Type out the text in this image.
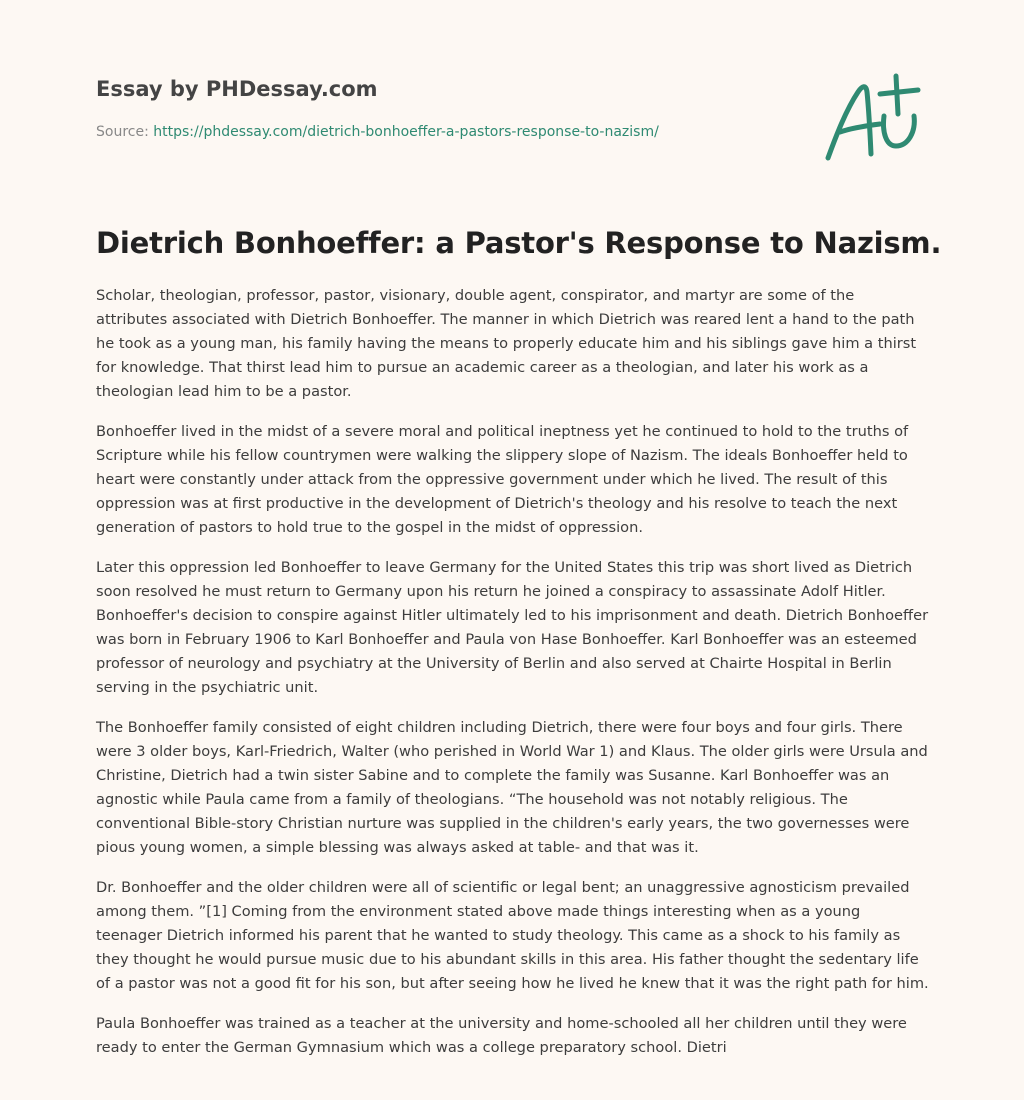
Essay by PHDessay.com
Source: https://phdessay.com/dietrich-bonhoeffer-a-pastors-response-to-nazism/
Dietrich Bonhoeffer: a Pastor's Response to Nazism.

Scholar, theologian, professor, pastor, visionary, double agent, conspirator, and martyr are some of the attributes associated with Dietrich Bonhoeffer. The manner in which Dietrich was reared lent a hand to the path he took as a young man, his family having the means to properly educate him and his siblings gave him a thirst for knowledge. That thirst lead him to pursue an academic career as a theologian, and later his work as a theologian lead him to be a pastor.

Bonhoeffer lived in the midst of a severe moral and political ineptness yet he continued to hold to the truths of Scripture while his fellow countrymen were walking the slippery slope of Nazism. The ideals Bonhoeffer held to heart were constantly under attack from the oppressive government under which he lived. The result of this oppression was at first productive in the development of Dietrich's theology and his resolve to teach the next generation of pastors to hold true to the gospel in the midst of oppression.

Later this oppression led Bonhoeffer to leave Germany for the United States this trip was short lived as Dietrich soon resolved he must return to Germany upon his return he joined a conspiracy to assassinate Adolf Hitler. Bonhoeffer's decision to conspire against Hitler ultimately led to his imprisonment and death. Dietrich Bonhoeffer was born in February 1906 to Karl Bonhoeffer and Paula von Hase Bonhoeffer. Karl Bonhoeffer was an esteemed professor of neurology and psychiatry at the University of Berlin and also served at Chairte Hospital in Berlin serving in the psychiatric unit.

The Bonhoeffer family consisted of eight children including Dietrich, there were four boys and four girls. There were 3 older boys, Karl-Friedrich, Walter (who perished in World War 1) and Klaus. The older girls were Ursula and Christine, Dietrich had a twin sister Sabine and to complete the family was Susanne. Karl Bonhoeffer was an agnostic while Paula came from a family of theologians. “The household was not notably religious. The conventional Bible-story Christian nurture was supplied in the children's early years, the two governesses were pious young women, a simple blessing was always asked at table- and that was it.

Dr. Bonhoeffer and the older children were all of scientific or legal bent; an unaggressive agnosticism prevailed among them. ”[1] Coming from the environment stated above made things interesting when as a young teenager Dietrich informed his parent that he wanted to study theology. This came as a shock to his family as they thought he would pursue music due to his abundant skills in this area. His father thought the sedentary life of a pastor was not a good fit for his son, but after seeing how he lived he knew that it was the right path for him.

Paula Bonhoeffer was trained as a teacher at the university and home-schooled all her children until they were ready to enter the German Gymnasium which was a college preparatory school. Dietri
